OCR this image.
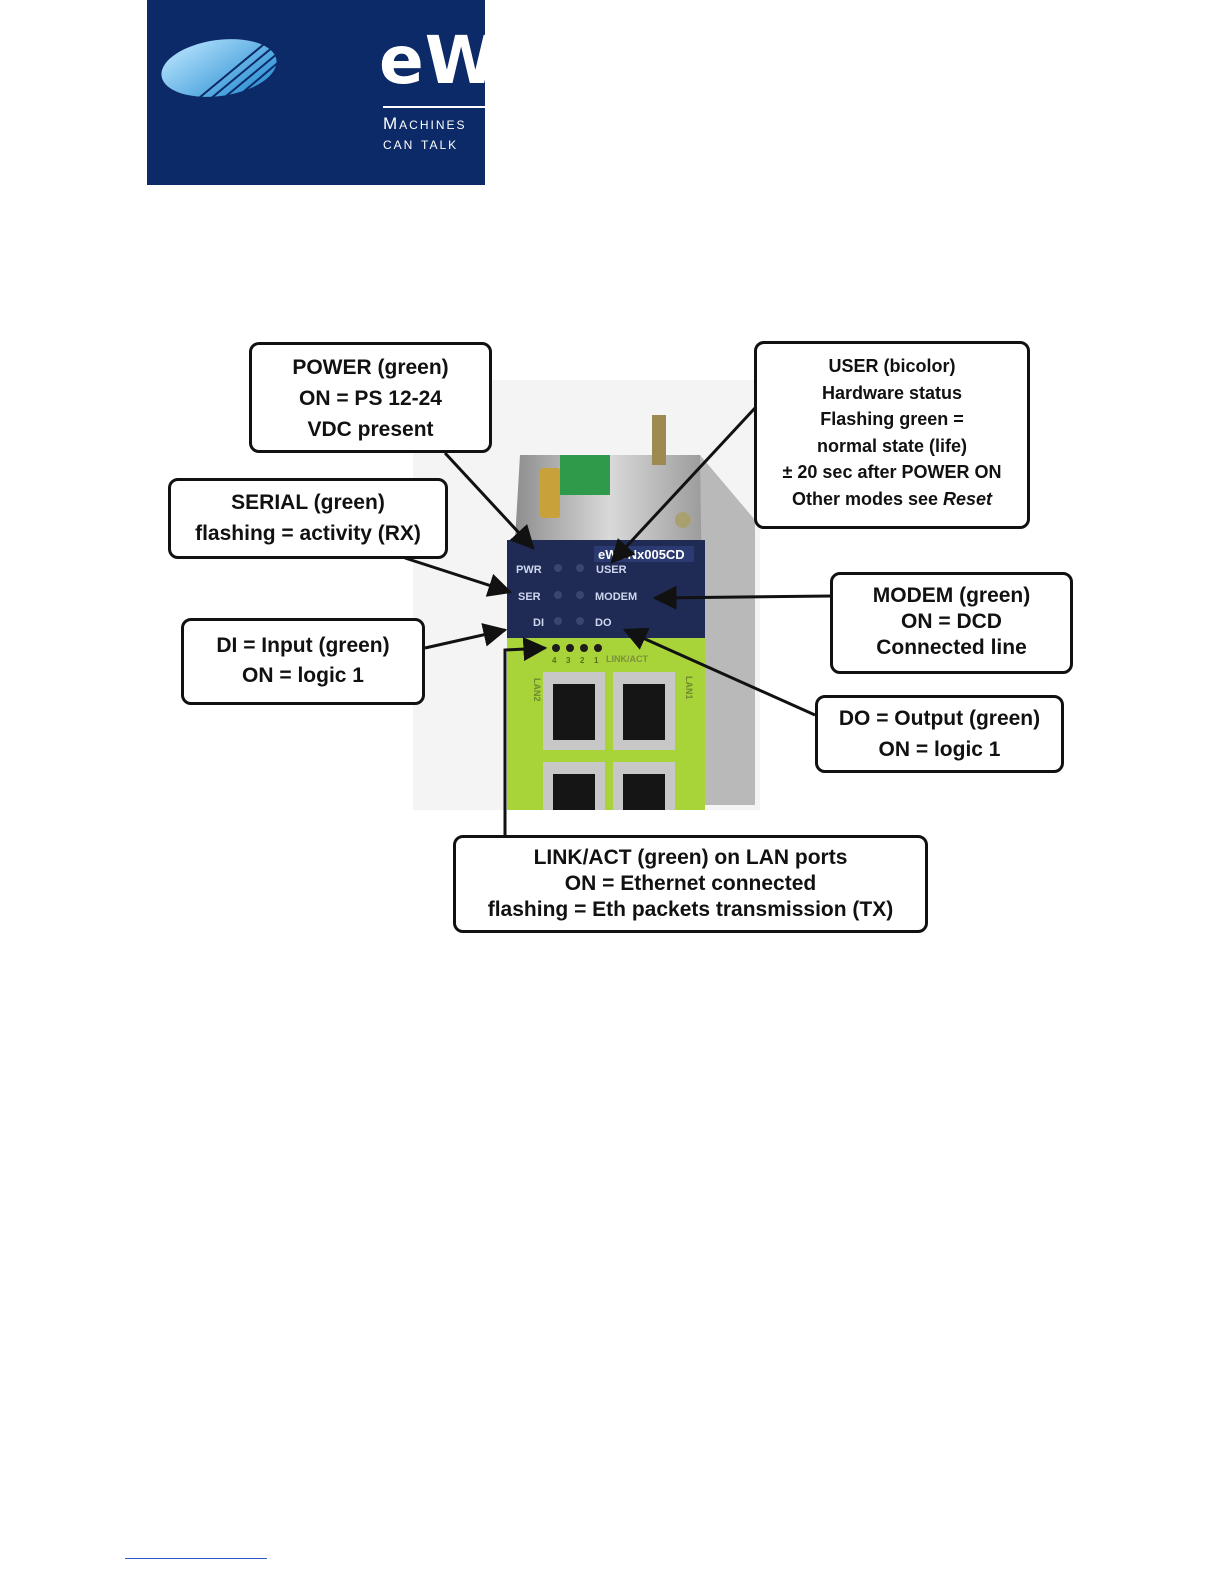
eWON
Machines can talk
eWONx005CD
PWR	USER
SER	MODEM
DI	DO
4 3 2 1 LINK/ACT
LAN2	LAN1
POWER (green)
ON = PS 12-24
VDC present
SERIAL (green)
flashing = activity (RX)
DI = Input (green)
ON = logic 1
USER (bicolor)
Hardware status
Flashing green =
normal state (life)
± 20 sec after POWER ON
Other modes see Reset
MODEM (green)
ON = DCD
Connected line
DO = Output (green)
ON = logic 1
LINK/ACT (green) on LAN ports
ON = Ethernet connected
flashing = Eth packets transmission (TX)
